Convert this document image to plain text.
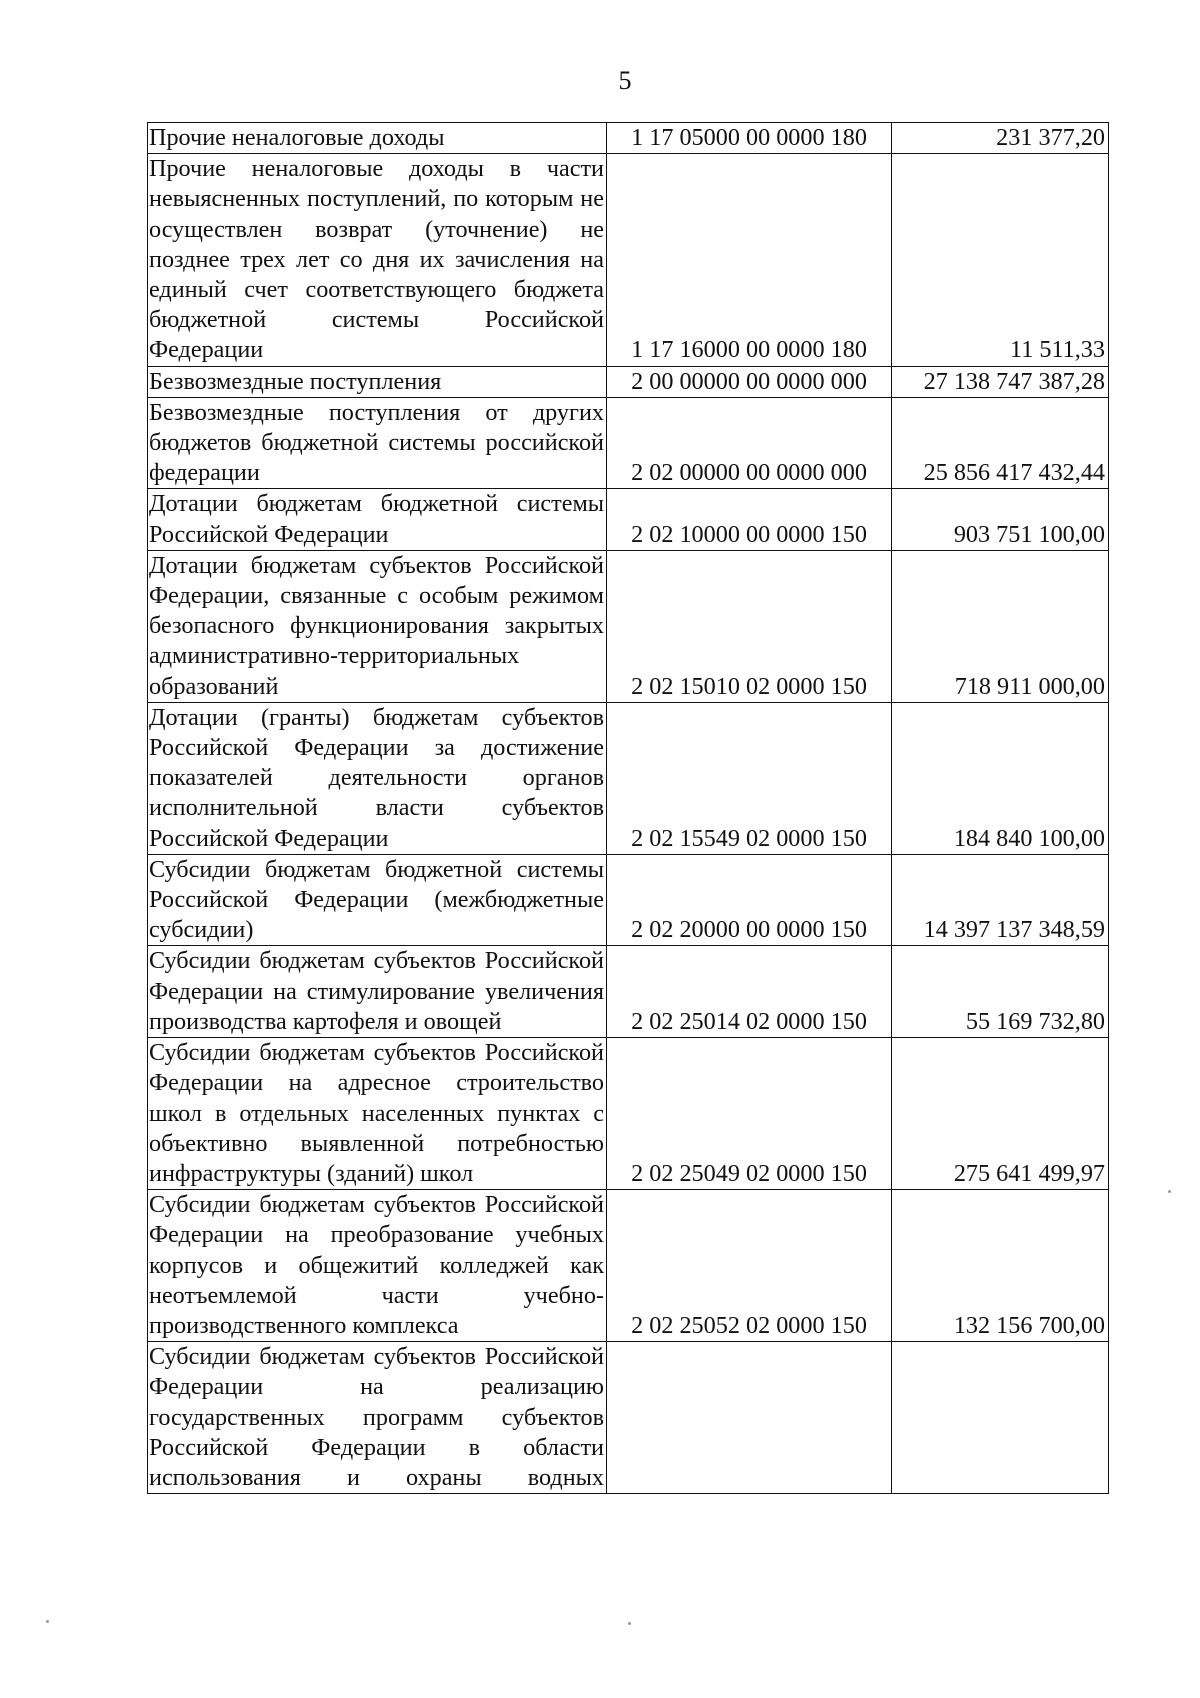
5
Прочие неналоговые доходы	1 17 05000 00 0000 180	231 377,20
Прочие неналоговые доходы в части невыясненных поступлений, по которым не осуществлен возврат (уточнение) не позднее трех лет со дня их зачисления на единый счет соответствующего бюджета бюджетной системы Российской Федерации	1 17 16000 00 0000 180	11 511,33
Безвозмездные поступления	2 00 00000 00 0000 000	27 138 747 387,28
Безвозмездные поступления от других бюджетов бюджетной системы российской федерации	2 02 00000 00 0000 000	25 856 417 432,44
Дотации бюджетам бюджетной системы Российской Федерации	2 02 10000 00 0000 150	903 751 100,00
Дотации бюджетам субъектов Российской Федерации, связанные с особым режимом безопасного функционирования закрытых административно-территориальных образований	2 02 15010 02 0000 150	718 911 000,00
Дотации (гранты) бюджетам субъектов Российской Федерации за достижение показателей деятельности органов исполнительной власти субъектов Российской Федерации	2 02 15549 02 0000 150	184 840 100,00
Субсидии бюджетам бюджетной системы Российской Федерации (межбюджетные субсидии)	2 02 20000 00 0000 150	14 397 137 348,59
Субсидии бюджетам субъектов Российской Федерации на стимулирование увеличения производства картофеля и овощей	2 02 25014 02 0000 150	55 169 732,80
Субсидии бюджетам субъектов Российской Федерации на адресное строительство школ в отдельных населенных пунктах с объективно выявленной потребностью инфраструктуры (зданий) школ	2 02 25049 02 0000 150	275 641 499,97
Субсидии бюджетам субъектов Российской Федерации на преобразование учебных корпусов и общежитий колледжей как неотъемлемой части учебно-производственного комплекса	2 02 25052 02 0000 150	132 156 700,00
Субсидии бюджетам субъектов Российской Федерации на реализацию государственных программ субъектов Российской Федерации в области использования и охраны водных		
